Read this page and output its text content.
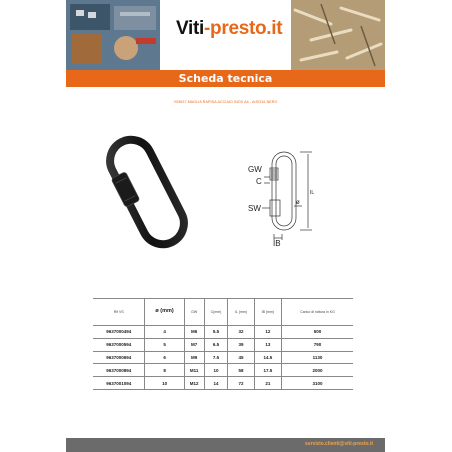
Viti-presto.it
Scheda tecnica
V09637 MAGLIA RAPIDA ACCIAIO INOX A4 - AISI316 NERO
GW
C
SW
IB
IL
ø
Rif VS	ø (mm)	GW	C(mm)	IL (mm)	IB (mm)	Carico di rottura in KG
9637000494	4	M6	5.5	32	12	500
9637000594	5	M7	6.5	39	13	790
9637000694	6	M9	7.5	45	14.5	1130
9637000894	8	M11	10	58	17.5	2000
9637001094	10	M12	14	72	21	3100
servizio.clienti@viti-presto.it
